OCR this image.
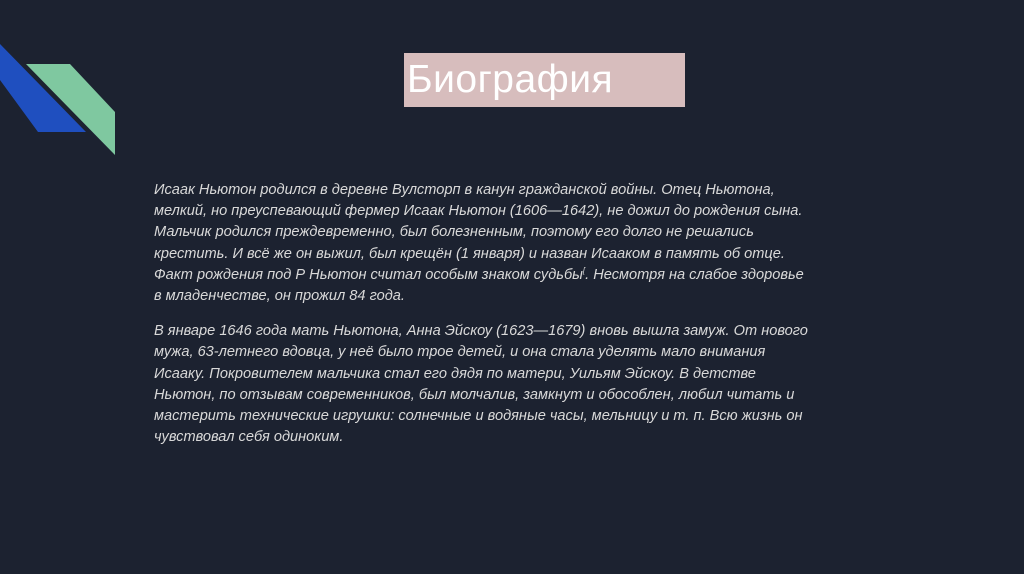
Биография

Исаак Ньютон родился в деревне Вулсторп в канун гражданской войны. Отец Ньютона,
мелкий, но преуспевающий фермер Исаак Ньютон (1606—1642), не дожил до рождения сына.
Мальчик родился преждевременно, был болезненным, поэтому его долго не решались
крестить. И всё же он выжил, был крещён (1 января) и назван Исааком в память об отце.
Факт рождения под Р Ньютон считал особым знаком судьбы[. Несмотря на слабое здоровье
в младенчестве, он прожил 84 года.

В январе 1646 года мать Ньютона, Анна Эйскоу (1623—1679) вновь вышла замуж. От нового
мужа, 63-летнего вдовца, у неё было трое детей, и она стала уделять мало внимания
Исааку. Покровителем мальчика стал его дядя по матери, Уильям Эйскоу. В детстве
Ньютон, по отзывам современников, был молчалив, замкнут и обособлен, любил читать и
мастерить технические игрушки: солнечные и водяные часы, мельницу и т. п. Всю жизнь он
чувствовал себя одиноким.
